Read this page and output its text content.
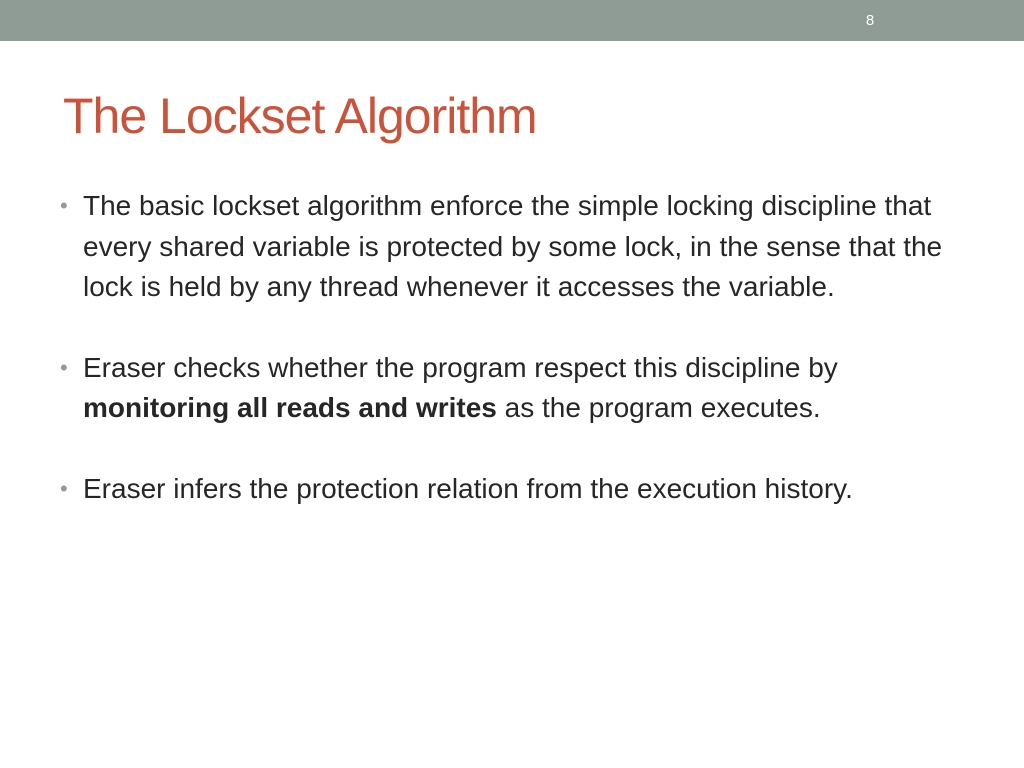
8
The Lockset Algorithm
• The basic lockset algorithm enforce the simple locking discipline that every shared variable is protected by some lock, in the sense that the lock is held by any thread whenever it accesses the variable.
• Eraser checks whether the program respect this discipline by monitoring all reads and writes as the program executes.
• Eraser infers the protection relation from the execution history.
